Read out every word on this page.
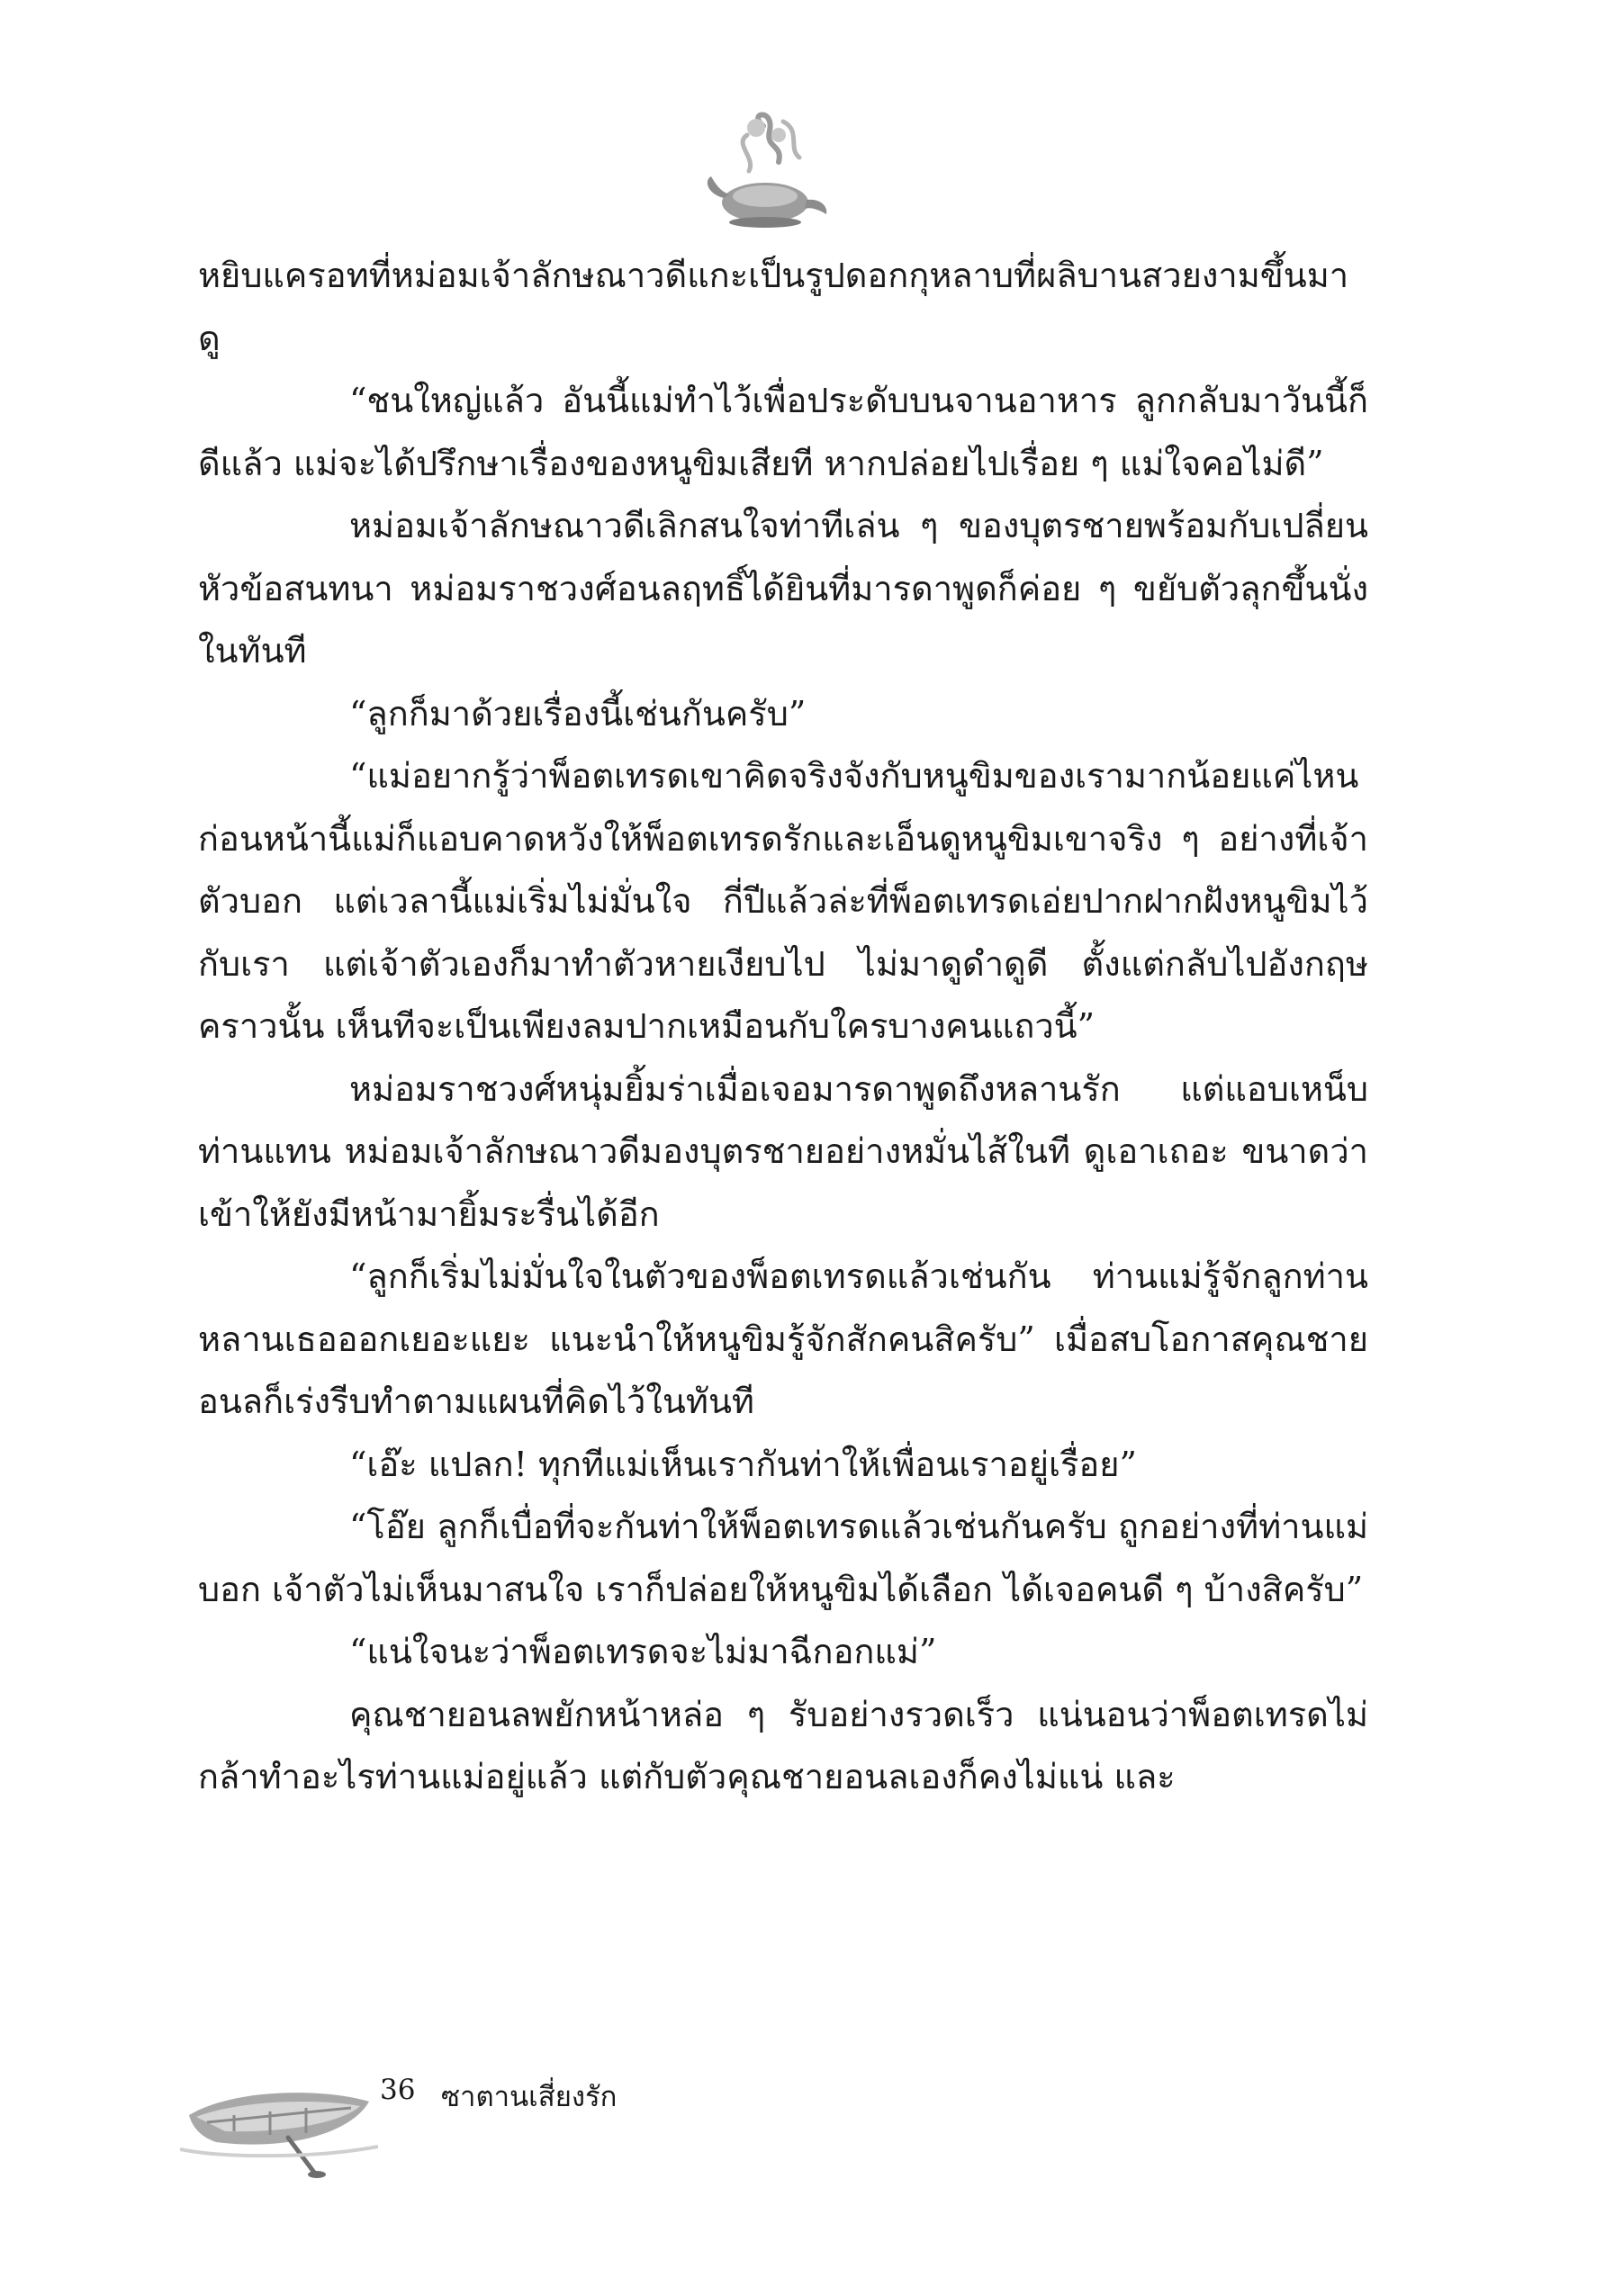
หยิบแครอทที่หม่อมเจ้าลักษณาวดีแกะเป็นรูปดอกกุหลาบที่ผลิบานสวยงามขึ้นมาดู

“ชนใหญ่แล้ว อันนี้แม่ทำไว้เพื่อประดับบนจานอาหาร ลูกกลับมาวันนี้ก็ดีแล้ว แม่จะได้ปรึกษาเรื่องของหนูขิมเสียที หากปล่อยไปเรื่อย ๆ แม่ใจคอไม่ดี”

หม่อมเจ้าลักษณาวดีเลิกสนใจท่าทีเล่น ๆ ของบุตรชายพร้อมกับเปลี่ยนหัวข้อสนทนา หม่อมราชวงศ์อนลฤทธิ์ได้ยินที่มารดาพูดก็ค่อย ๆ ขยับตัวลุกขึ้นนั่งในทันที

“ลูกก็มาด้วยเรื่องนี้เช่นกันครับ”

“แม่อยากรู้ว่าพ็อตเทรดเขาคิดจริงจังกับหนูขิมของเรามากน้อยแค่ไหน ก่อนหน้านี้แม่ก็แอบคาดหวังให้พ็อตเทรดรักและเอ็นดูหนูขิมเขาจริง ๆ อย่างที่เจ้าตัวบอก แต่เวลานี้แม่เริ่มไม่มั่นใจ กี่ปีแล้วล่ะที่พ็อตเทรดเอ่ยปากฝากฝังหนูขิมไว้กับเรา แต่เจ้าตัวเองก็มาทำตัวหายเงียบไป ไม่มาดูดำดูดี ตั้งแต่กลับไปอังกฤษคราวนั้น เห็นทีจะเป็นเพียงลมปากเหมือนกับใครบางคนแถวนี้”

หม่อมราชวงศ์หนุ่มยิ้มร่าเมื่อเจอมารดาพูดถึงหลานรัก แต่แอบเหน็บท่านแทน หม่อมเจ้าลักษณาวดีมองบุตรชายอย่างหมั่นไส้ในที ดูเอาเถอะ ขนาดว่าเข้าให้ยังมีหน้ามายิ้มระรื่นได้อีก

“ลูกก็เริ่มไม่มั่นใจในตัวของพ็อตเทรดแล้วเช่นกัน ท่านแม่รู้จักลูกท่านหลานเธอออกเยอะแยะ แนะนำให้หนูขิมรู้จักสักคนสิครับ” เมื่อสบโอกาสคุณชายอนลก็เร่งรีบทำตามแผนที่คิดไว้ในทันที

“เอ๊ะ แปลก! ทุกทีแม่เห็นเรากันท่าให้เพื่อนเราอยู่เรื่อย”

“โอ๊ย ลูกก็เบื่อที่จะกันท่าให้พ็อตเทรดแล้วเช่นกันครับ ถูกอย่างที่ท่านแม่บอก เจ้าตัวไม่เห็นมาสนใจ เราก็ปล่อยให้หนูขิมได้เลือก ได้เจอคนดี ๆ บ้างสิครับ”

“แน่ใจนะว่าพ็อตเทรดจะไม่มาฉีกอกแม่”

คุณชายอนลพยักหน้าหล่อ ๆ รับอย่างรวดเร็ว แน่นอนว่าพ็อตเทรดไม่กล้าทำอะไรท่านแม่อยู่แล้ว แต่กับตัวคุณชายอนลเองก็คงไม่แน่ และ

36 ซาตานเสี่ยงรัก
